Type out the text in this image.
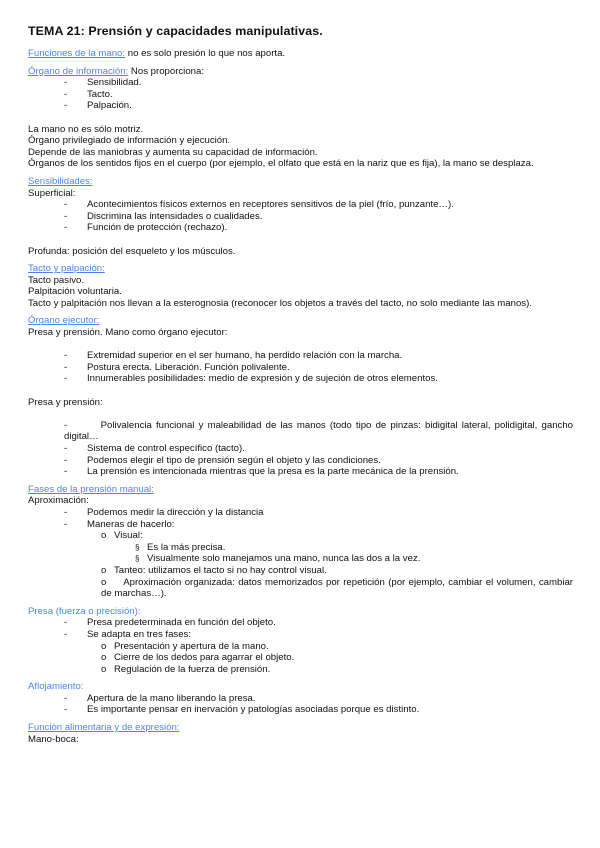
TEMA 21: Prensión y capacidades manipulativas.

Funciones de la mano: no es solo presión lo que nos aporta.

Órgano de información: Nos proporciona:

- Sensibilidad.

- Tacto.

- Palpación.

La mano no es sólo motriz.

Órgano privilegiado de información y ejecución.

Depende de las maniobras y aumenta su capacidad de información.

Órganos de los sentidos fijos en el cuerpo (por ejemplo, el olfato que está en la nariz que es fija), la mano se desplaza.

Sensibilidades:

Superficial:

- Acontecimientos físicos externos en receptores sensitivos de la piel (frío, punzante…).

- Discrimina las intensidades o cualidades.

- Función de protección (rechazo).

Profunda: posición del esqueleto y los músculos.

Tacto y palpación:

Tacto pasivo.

Palpitación voluntaria.

Tacto y palpitación nos llevan a la esterognosia (reconocer los objetos a través del tacto, no solo mediante las manos).

Órgano ejecutor:

Presa y prensión. Mano como órgano ejecutor:

- Extremidad superior en el ser humano, ha perdido relación con la marcha.

- Postura erecta. Liberación. Función polivalente.

- Innumerables posibilidades: medio de expresión y de sujeción de otros elementos.

Presa y prensión:

-	Polivalencia funcional y maleabilidad de las manos (todo tipo de pinzas: bidigital lateral, polidigital, gancho digital…

- Sistema de control específico (tacto).

- Podemos elegir el tipo de prensión según el objeto y las condiciones.

- La prensión es intencionada mientras que la presa es la parte mecánica de la prensión.

Fases de la prensión manual:

Aproximación:

- Podemos medir la dirección y la distancia

- Maneras de hacerlo:

o Visual:

§ Es la más precisa.

§ Visualmente solo manejamos una mano, nunca las dos a la vez.

o Tanteo: utilizamos el tacto si no hay control visual.

o Aproximación organizada: datos memorizados por repetición (por ejemplo, cambiar el volumen, cambiar de marchas…).

Presa (fuerza o precisión):

- Presa predeterminada en función del objeto.

- Se adapta en tres fases:

o Presentación y apertura de la mano.

o Cierre de los dedos para agarrar el objeto.

o Regulación de la fuerza de prensión.

Aflojamiento:

- Apertura de la mano liberando la presa.

- Es importante pensar en inervación y patologías asociadas porque es distinto.

Función alimentaria y de expresión:

Mano-boca:
